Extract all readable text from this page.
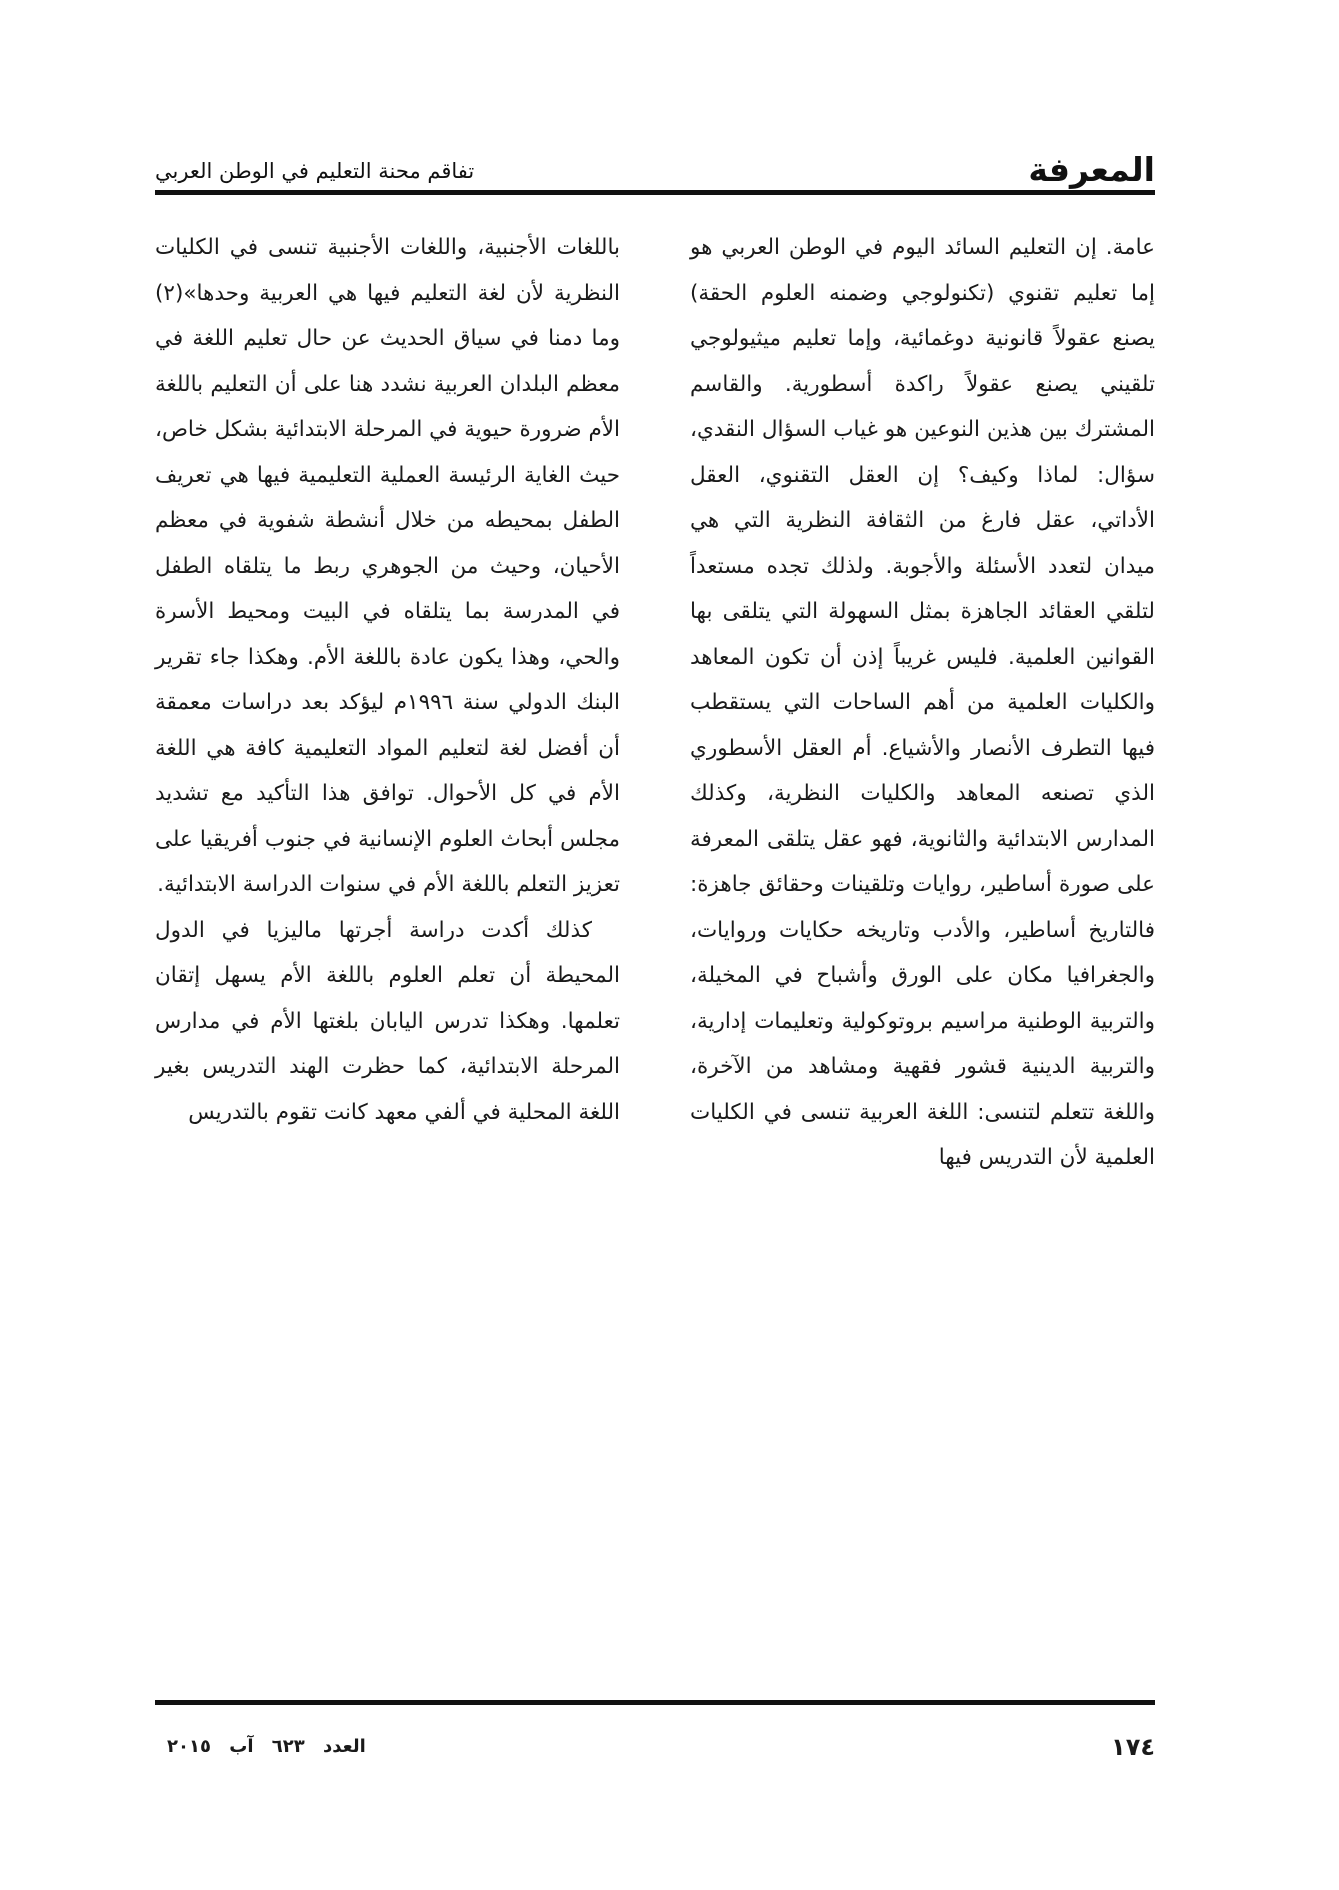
المعرفة
تفاقم محنة التعليم في الوطن العربي

عامة. إن التعليم السائد اليوم في الوطن العربي هو إما تعليم تقنوي (تكنولوجي وضمنه العلوم الحقة) يصنع عقولاً قانونية دوغمائية، وإما تعليم ميثيولوجي تلقيني يصنع عقولاً راكدة أسطورية. والقاسم المشترك بين هذين النوعين هو غياب السؤال النقدي، سؤال: لماذا وكيف؟ إن العقل التقنوي، العقل الأداتي، عقل فارغ من الثقافة النظرية التي هي ميدان لتعدد الأسئلة والأجوبة. ولذلك تجده مستعداً لتلقي العقائد الجاهزة بمثل السهولة التي يتلقى بها القوانين العلمية. فليس غريباً إذن أن تكون المعاهد والكليات العلمية من أهم الساحات التي يستقطب فيها التطرف الأنصار والأشياع. أم العقل الأسطوري الذي تصنعه المعاهد والكليات النظرية، وكذلك المدارس الابتدائية والثانوية، فهو عقل يتلقى المعرفة على صورة أساطير، روايات وتلقينات وحقائق جاهزة: فالتاريخ أساطير، والأدب وتاريخه حكايات وروايات، والجغرافيا مكان على الورق وأشباح في المخيلة، والتربية الوطنية مراسيم بروتوكولية وتعليمات إدارية، والتربية الدينية قشور فقهية ومشاهد من الآخرة، واللغة تتعلم لتنسى: اللغة العربية تنسى في الكليات العلمية لأن التدريس فيها

باللغات الأجنبية، واللغات الأجنبية تنسى في الكليات النظرية لأن لغة التعليم فيها هي العربية وحدها»(٢) وما دمنا في سياق الحديث عن حال تعليم اللغة في معظم البلدان العربية نشدد هنا على أن التعليم باللغة الأم ضرورة حيوية في المرحلة الابتدائية بشكل خاص، حيث الغاية الرئيسة العملية التعليمية فيها هي تعريف الطفل بمحيطه من خلال أنشطة شفوية في معظم الأحيان، وحيث من الجوهري ربط ما يتلقاه الطفل في المدرسة بما يتلقاه في البيت ومحيط الأسرة والحي، وهذا يكون عادة باللغة الأم. وهكذا جاء تقرير البنك الدولي سنة ١٩٩٦م ليؤكد بعد دراسات معمقة أن أفضل لغة لتعليم المواد التعليمية كافة هي اللغة الأم في كل الأحوال. توافق هذا التأكيد مع تشديد مجلس أبحاث العلوم الإنسانية في جنوب أفريقيا على تعزيز التعلم باللغة الأم في سنوات الدراسة الابتدائية.

كذلك أكدت دراسة أجرتها ماليزيا في الدول المحيطة أن تعلم العلوم باللغة الأم يسهل إتقان تعلمها. وهكذا تدرس اليابان بلغتها الأم في مدارس المرحلة الابتدائية، كما حظرت الهند التدريس بغير اللغة المحلية في ألفي معهد كانت تقوم بالتدريس

١٧٤
العدد ٦٢٣ آب ٢٠١٥
